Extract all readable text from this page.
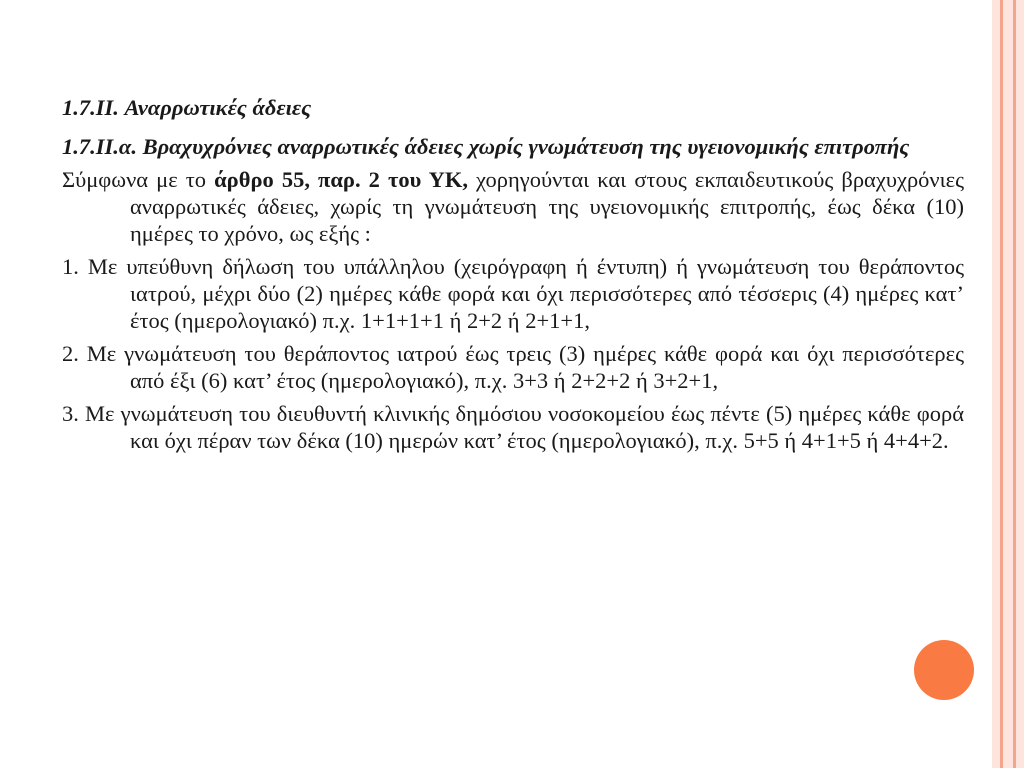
1.7.II. Αναρρωτικές άδειες

1.7.II.α. Βραχυχρόνιες αναρρωτικές άδειες χωρίς γνωμάτευση της υγειονομικής επιτροπής

Σύμφωνα με το άρθρο 55, παρ. 2 του ΥΚ, χορηγούνται και στους εκπαιδευτικούς βραχυχρόνιες αναρρωτικές άδειες, χωρίς τη γνωμάτευση της υγειονομικής επιτροπής, έως δέκα (10) ημέρες το χρόνο, ως εξής :

1. Με υπεύθυνη δήλωση του υπάλληλου (χειρόγραφη ή έντυπη) ή γνωμάτευση του θεράποντος ιατρού, μέχρι δύο (2) ημέρες κάθε φορά και όχι περισσότερες από τέσσερις (4) ημέρες κατ’ έτος (ημερολογιακό) π.χ. 1+1+1+1 ή 2+2 ή 2+1+1,

2. Με γνωμάτευση του θεράποντος ιατρού έως τρεις (3) ημέρες κάθε φορά και όχι περισσότερες από έξι (6) κατ’ έτος (ημερολογιακό), π.χ. 3+3 ή 2+2+2 ή 3+2+1,

3. Με γνωμάτευση του διευθυντή κλινικής δημόσιου νοσοκομείου έως πέντε (5) ημέρες κάθε φορά και όχι πέραν των δέκα (10) ημερών κατ’ έτος (ημερολογιακό), π.χ. 5+5 ή 4+1+5 ή 4+4+2.
